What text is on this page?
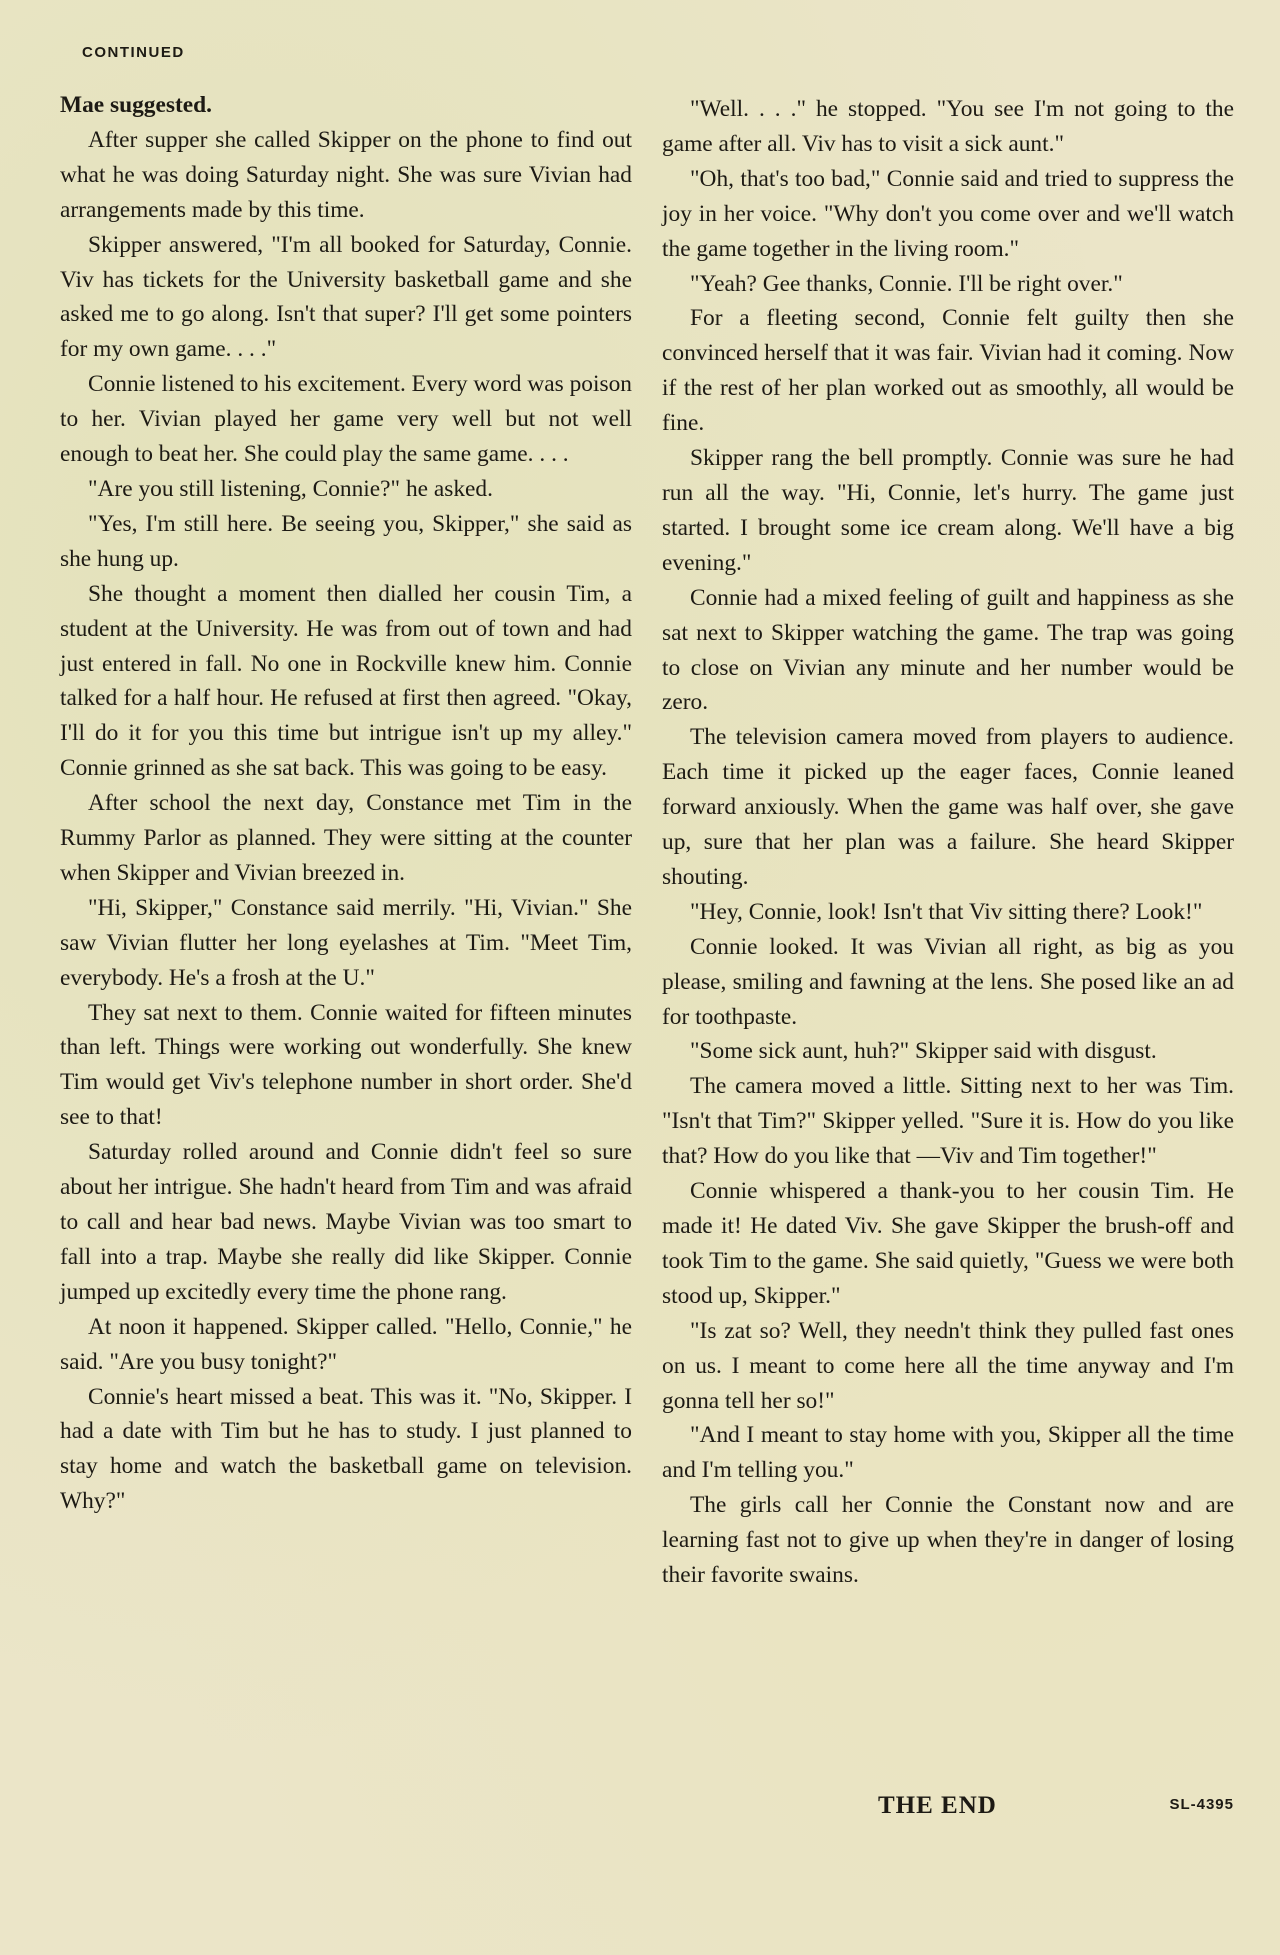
CONTINUED

Mae suggested.

After supper she called Skipper on the phone to find out what he was doing Saturday night. She was sure Vivian had arrangements made by this time.

Skipper answered, "I'm all booked for Saturday, Connie. Viv has tickets for the University basketball game and she asked me to go along. Isn't that super? I'll get some pointers for my own game. . . ."

Connie listened to his excitement. Every word was poison to her. Vivian played her game very well but not well enough to beat her. She could play the same game. . . .

"Are you still listening, Connie?" he asked.

"Yes, I'm still here. Be seeing you, Skipper," she said as she hung up.

She thought a moment then dialled her cousin Tim, a student at the University. He was from out of town and had just entered in fall. No one in Rockville knew him. Connie talked for a half hour. He refused at first then agreed. "Okay, I'll do it for you this time but intrigue isn't up my alley." Connie grinned as she sat back. This was going to be easy.

After school the next day, Constance met Tim in the Rummy Parlor as planned. They were sitting at the counter when Skipper and Vivian breezed in.

"Hi, Skipper," Constance said merrily. "Hi, Vivian." She saw Vivian flutter her long eyelashes at Tim. "Meet Tim, everybody. He's a frosh at the U."

They sat next to them. Connie waited for fifteen minutes than left. Things were working out wonderfully. She knew Tim would get Viv's telephone number in short order. She'd see to that!

Saturday rolled around and Connie didn't feel so sure about her intrigue. She hadn't heard from Tim and was afraid to call and hear bad news. Maybe Vivian was too smart to fall into a trap. Maybe she really did like Skipper. Connie jumped up excitedly every time the phone rang.

At noon it happened. Skipper called. "Hello, Connie," he said. "Are you busy tonight?"

Connie's heart missed a beat. This was it. "No, Skipper. I had a date with Tim but he has to study. I just planned to stay home and watch the basketball game on television. Why?"

"Well. . . ." he stopped. "You see I'm not going to the game after all. Viv has to visit a sick aunt."

"Oh, that's too bad," Connie said and tried to suppress the joy in her voice. "Why don't you come over and we'll watch the game together in the living room."

"Yeah? Gee thanks, Connie. I'll be right over."

For a fleeting second, Connie felt guilty then she convinced herself that it was fair. Vivian had it coming. Now if the rest of her plan worked out as smoothly, all would be fine.

Skipper rang the bell promptly. Connie was sure he had run all the way. "Hi, Connie, let's hurry. The game just started. I brought some ice cream along. We'll have a big evening."

Connie had a mixed feeling of guilt and happiness as she sat next to Skipper watching the game. The trap was going to close on Vivian any minute and her number would be zero.

The television camera moved from players to audience. Each time it picked up the eager faces, Connie leaned forward anxiously. When the game was half over, she gave up, sure that her plan was a failure. She heard Skipper shouting.

"Hey, Connie, look! Isn't that Viv sitting there? Look!"

Connie looked. It was Vivian all right, as big as you please, smiling and fawning at the lens. She posed like an ad for toothpaste.

"Some sick aunt, huh?" Skipper said with disgust.

The camera moved a little. Sitting next to her was Tim. "Isn't that Tim?" Skipper yelled. "Sure it is. How do you like that? How do you like that —Viv and Tim together!"

Connie whispered a thank-you to her cousin Tim. He made it! He dated Viv. She gave Skipper the brush-off and took Tim to the game. She said quietly, "Guess we were both stood up, Skipper."

"Is zat so? Well, they needn't think they pulled fast ones on us. I meant to come here all the time anyway and I'm gonna tell her so!"

"And I meant to stay home with you, Skipper all the time and I'm telling you."

The girls call her Connie the Constant now and are learning fast not to give up when they're in danger of losing their favorite swains.

THE END	SL-4395
